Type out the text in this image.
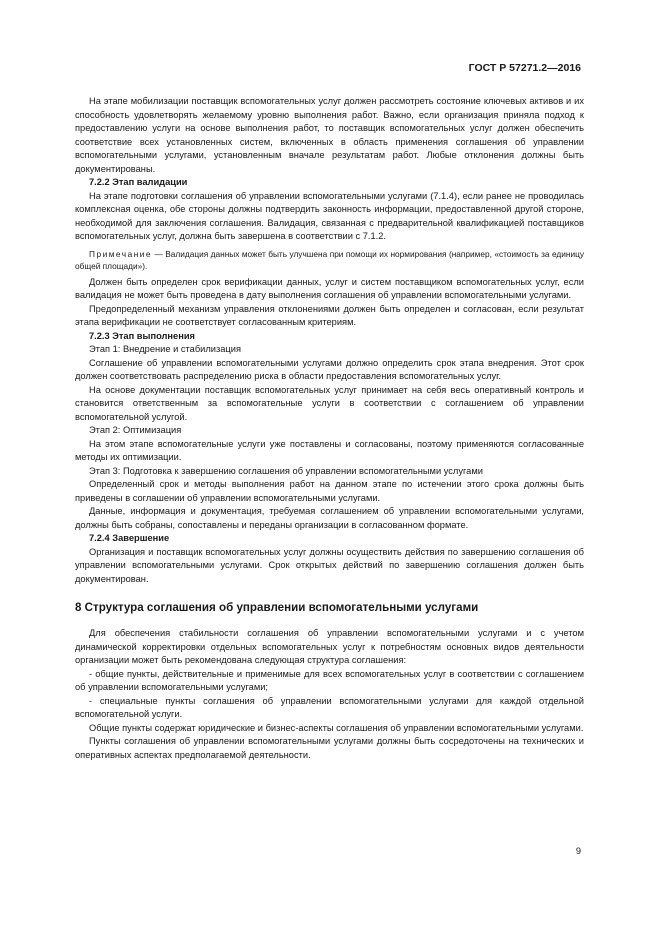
ГОСТ Р 57271.2—2016

На этапе мобилизации поставщик вспомогательных услуг должен рассмотреть состояние ключевых активов и их способность удовлетворять желаемому уровню выполнения работ. Важно, если организация приняла подход к предоставлению услуги на основе выполнения работ, то поставщик вспомогательных услуг должен обеспечить соответствие всех установленных систем, включенных в область применения соглашения об управлении вспомогательными услугами, установленным вначале результатам работ. Любые отклонения должны быть документированы.

7.2.2 Этап валидации

На этапе подготовки соглашения об управлении вспомогательными услугами (7.1.4), если ранее не проводилась комплексная оценка, обе стороны должны подтвердить законность информации, предоставленной другой стороне, необходимой для заключения соглашения. Валидация, связанная с предварительной квалификацией поставщиков вспомогательных услуг, должна быть завершена в соответствии с 7.1.2.

Примечание — Валидация данных может быть улучшена при помощи их нормирования (например, «стоимость за единицу общей площади»).

Должен быть определен срок верификации данных, услуг и систем поставщиком вспомогательных услуг, если валидация не может быть проведена в дату выполнения соглашения об управлении вспомогательными услугами.

Предопределенный механизм управления отклонениями должен быть определен и согласован, если результат этапа верификации не соответствует согласованным критериям.

7.2.3 Этап выполнения

Этап 1: Внедрение и стабилизация

Соглашение об управлении вспомогательными услугами должно определить срок этапа внедрения. Этот срок должен соответствовать распределению риска в области предоставления вспомогательных услуг.

На основе документации поставщик вспомогательных услуг принимает на себя весь оперативный контроль и становится ответственным за вспомогательные услуги в соответствии с соглашением об управлении вспомогательной услугой.

Этап 2: Оптимизация

На этом этапе вспомогательные услуги уже поставлены и согласованы, поэтому применяются согласованные методы их оптимизации.

Этап 3: Подготовка к завершению соглашения об управлении вспомогательными услугами

Определенный срок и методы выполнения работ на данном этапе по истечении этого срока должны быть приведены в соглашении об управлении вспомогательными услугами.

Данные, информация и документация, требуемая соглашением об управлении вспомогательными услугами, должны быть собраны, сопоставлены и переданы организации в согласованном формате.

7.2.4 Завершение

Организация и поставщик вспомогательных услуг должны осуществить действия по завершению соглашения об управлении вспомогательными услугами. Срок открытых действий по завершению соглашения должен быть документирован.

8 Структура соглашения об управлении вспомогательными услугами

Для обеспечения стабильности соглашения об управлении вспомогательными услугами и с учетом динамической корректировки отдельных вспомогательных услуг к потребностям основных видов деятельности организации может быть рекомендована следующая структура соглашения:

- общие пункты, действительные и применимые для всех вспомогательных услуг в соответствии с соглашением об управлении вспомогательными услугами;

- специальные пункты соглашения об управлении вспомогательными услугами для каждой отдельной вспомогательной услуги.

Общие пункты содержат юридические и бизнес-аспекты соглашения об управлении вспомогательными услугами.

Пункты соглашения об управлении вспомогательными услугами должны быть сосредоточены на технических и оперативных аспектах предполагаемой деятельности.

9
